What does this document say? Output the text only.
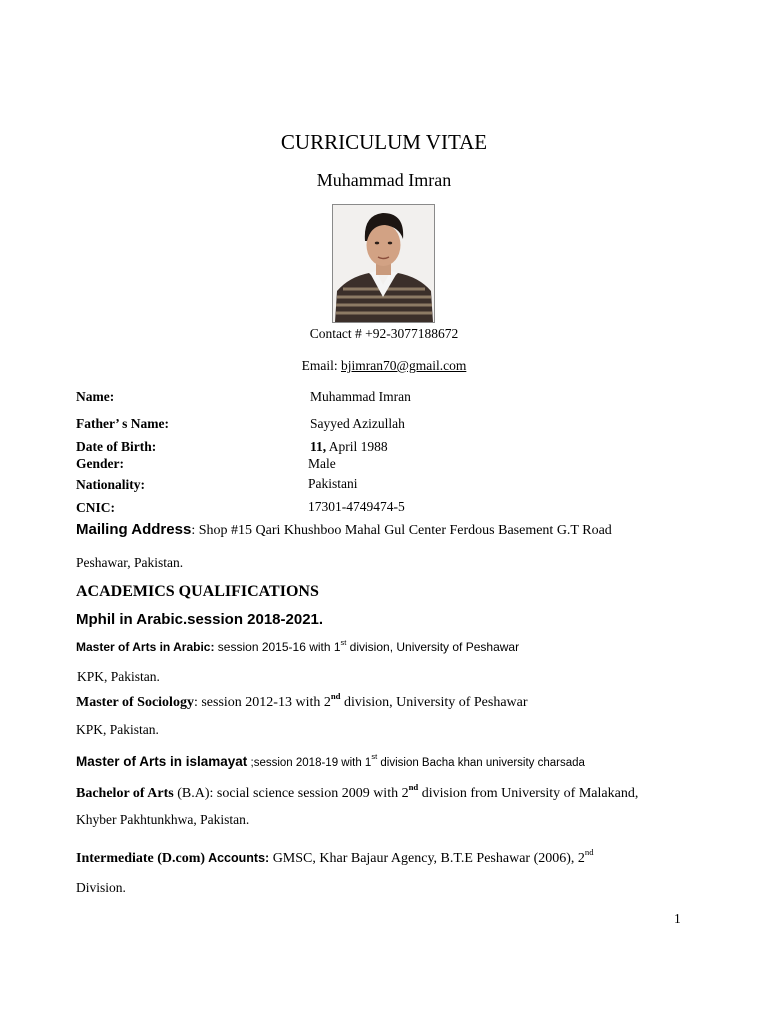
CURRICULUM VITAE
Muhammad Imran
Contact # +92-3077188672
Email: bjimran70@gmail.com
Name:	Muhammad Imran
Father’ s Name:	Sayyed Azizullah
Date of Birth:	11, April 1988
Gender:	Male
Nationality:	Pakistani
CNIC:	17301-4749474-5
Mailing Address: Shop #15 Qari Khushboo Mahal Gul Center Ferdous Basement G.T Road
Peshawar, Pakistan.
ACADEMICS QUALIFICATIONS
Mphil in Arabic.session 2018-2021.
Master of Arts in Arabic: session 2015-16 with 1st division, University of Peshawar
KPK, Pakistan.
Master of Sociology: session 2012-13 with 2nd division, University of Peshawar
KPK, Pakistan.
Master of Arts in islamayat ;session 2018-19 with 1st division Bacha khan university charsada
Bachelor of Arts (B.A): social science session 2009 with 2nd division from University of Malakand,
Khyber Pakhtunkhwa, Pakistan.
Intermediate (D.com) Accounts: GMSC, Khar Bajaur Agency, B.T.E Peshawar (2006), 2nd
Division.
1
